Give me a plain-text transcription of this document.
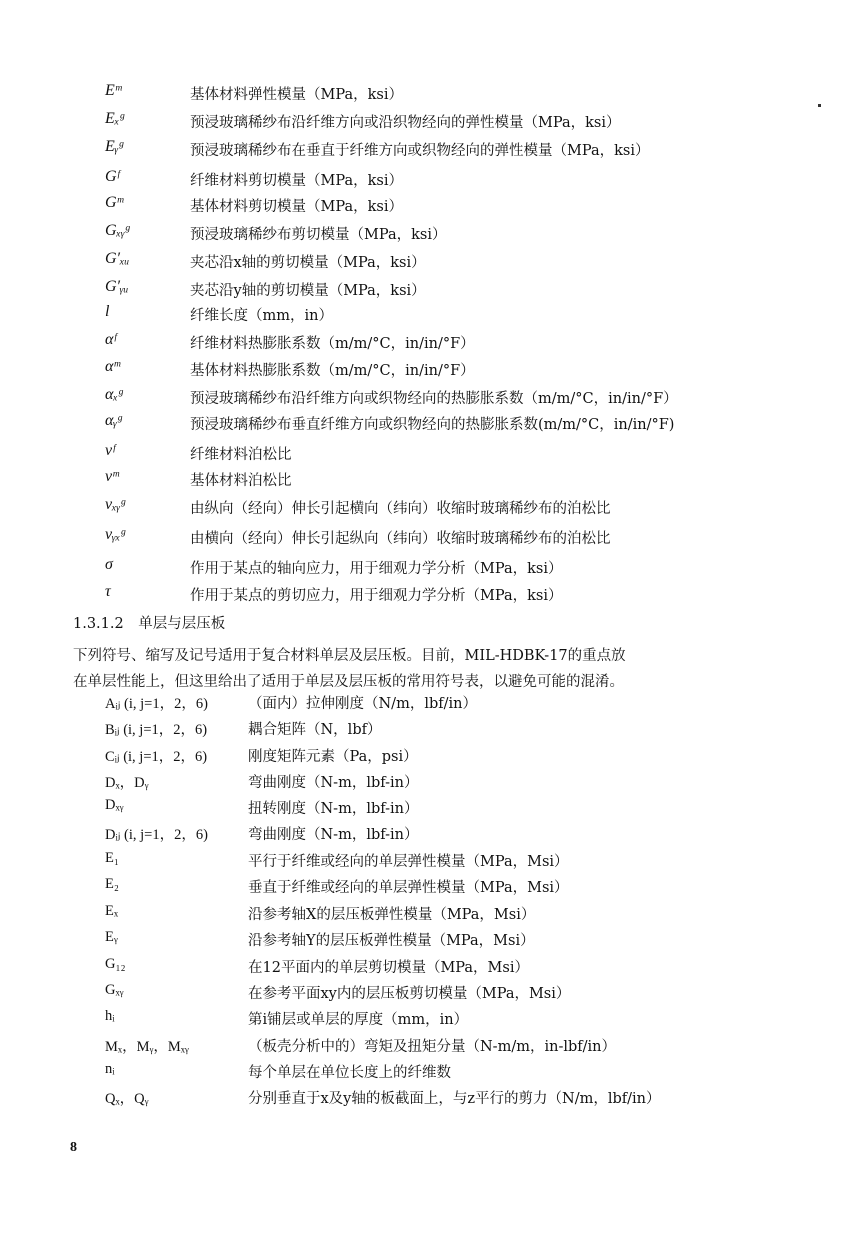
Eᵐ	基体材料弹性模量（MPa，ksi）
Eₓᵍ	预浸玻璃稀纱布沿纤维方向或沿织物经向的弹性模量（MPa，ksi）
Eᵧᵍ	预浸玻璃稀纱布在垂直于纤维方向或织物经向的弹性模量（MPa，ksi）
Gᶠ	纤维材料剪切模量（MPa，ksi）
Gᵐ	基体材料剪切模量（MPa，ksi）
Gₓᵧᵍ	预浸玻璃稀纱布剪切模量（MPa，ksi）
G′ₓᵤ	夹芯沿x轴的剪切模量（MPa，ksi）
G′ᵧᵤ	夹芯沿y轴的剪切模量（MPa，ksi）
l	纤维长度（mm，in）
αᶠ	纤维材料热膨胀系数（m/m/°C，in/in/°F）
αᵐ	基体材料热膨胀系数（m/m/°C，in/in/°F）
αₓᵍ	预浸玻璃稀纱布沿纤维方向或织物经向的热膨胀系数（m/m/°C，in/in/°F）
αᵧᵍ	预浸玻璃稀纱布垂直纤维方向或织物经向的热膨胀系数(m/m/°C，in/in/°F)
νᶠ	纤维材料泊松比
νᵐ	基体材料泊松比
νₓᵧᵍ	由纵向（经向）伸长引起横向（纬向）收缩时玻璃稀纱布的泊松比
νᵧₓᵍ	由横向（经向）伸长引起纵向（纬向）收缩时玻璃稀纱布的泊松比
σ	作用于某点的轴向应力，用于细观力学分析（MPa，ksi）
τ	作用于某点的剪切应力，用于细观力学分析（MPa，ksi）
1.3.1.2　单层与层压板
下列符号、缩写及记号适用于复合材料单层及层压板。目前，MIL-HDBK-17的重点放
在单层性能上，但这里给出了适用于单层及层压板的常用符号表，以避免可能的混淆。
Aᵢⱼ (i, j=1，2，6)	（面内）拉伸刚度（N/m，lbf/in）
Bᵢⱼ (i, j=1，2，6)	耦合矩阵（N，lbf）
Cᵢⱼ (i, j=1，2，6)	刚度矩阵元素（Pa，psi）
Dₓ，Dᵧ	弯曲刚度（N-m，lbf-in）
Dₓᵧ	扭转刚度（N-m，lbf-in）
Dᵢⱼ (i, j=1，2，6)	弯曲刚度（N-m，lbf-in）
E₁	平行于纤维或经向的单层弹性模量（MPa，Msi）
E₂	垂直于纤维或经向的单层弹性模量（MPa，Msi）
Eₓ	沿参考轴X的层压板弹性模量（MPa，Msi）
Eᵧ	沿参考轴Y的层压板弹性模量（MPa，Msi）
G₁₂	在12平面内的单层剪切模量（MPa，Msi）
Gₓᵧ	在参考平面xy内的层压板剪切模量（MPa，Msi）
hᵢ	第i铺层或单层的厚度（mm，in）
Mₓ，Mᵧ，Mₓᵧ	（板壳分析中的）弯矩及扭矩分量（N-m/m，in-lbf/in）
nᵢ	每个单层在单位长度上的纤维数
Qₓ，Qᵧ	分别垂直于x及y轴的板截面上，与z平行的剪力（N/m，lbf/in）
8
